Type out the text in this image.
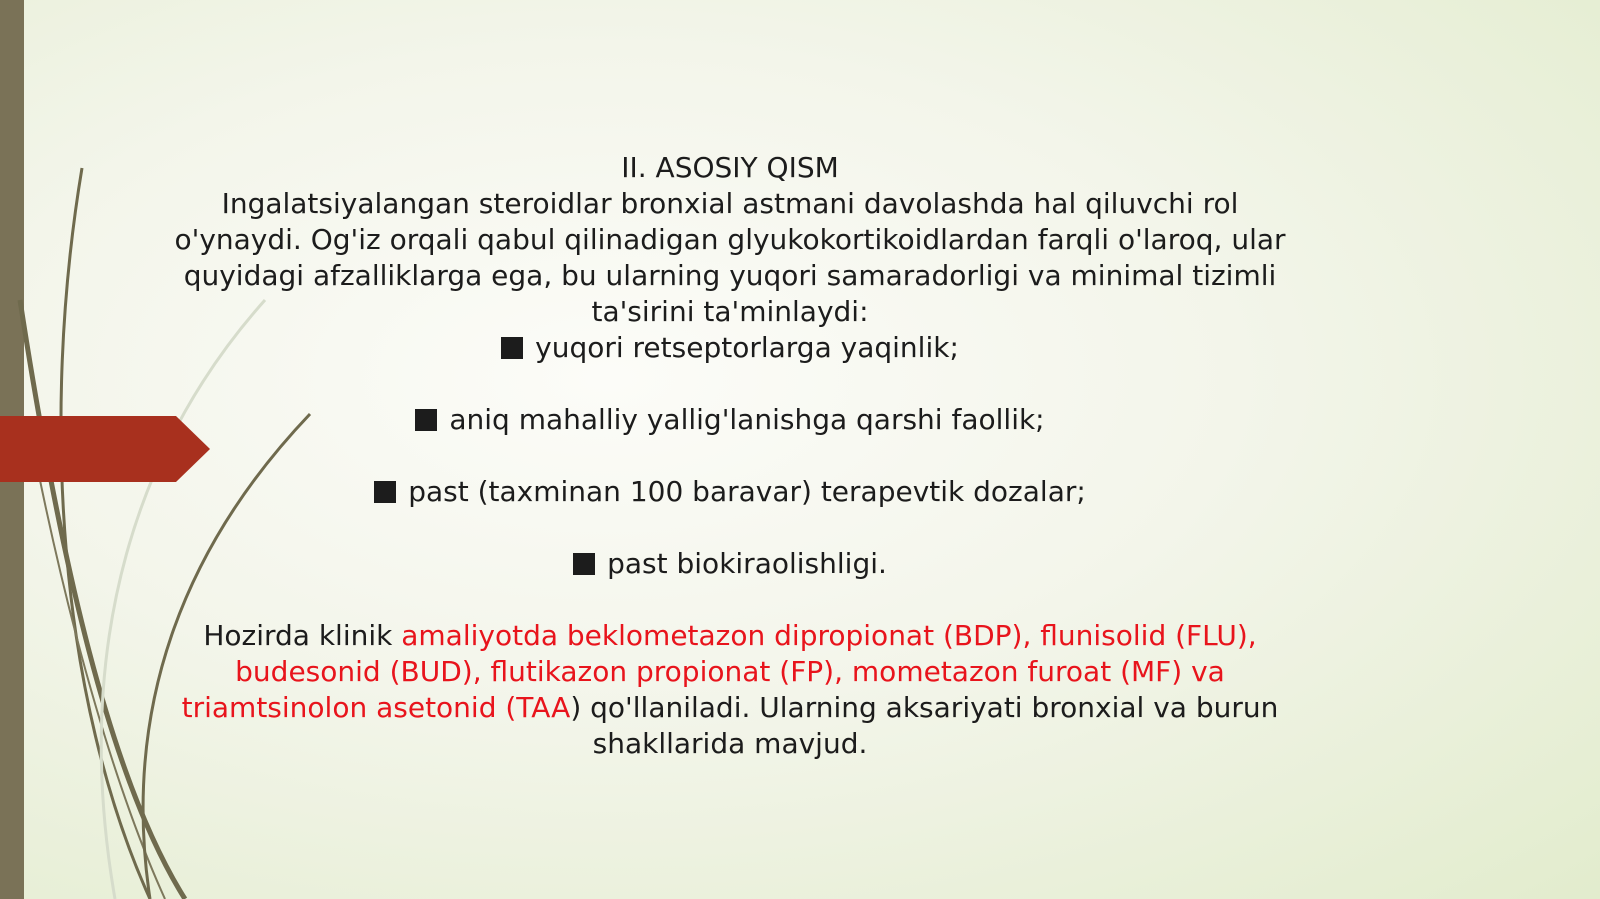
II. ASOSIY QISM

Ingalatsiyalangan steroidlar bronxial astmani davolashda hal qiluvchi rol o'ynaydi. Og'iz orqali qabul qilinadigan glyukokortikoidlardan farqli o'laroq, ular quyidagi afzalliklarga ega, bu ularning yuqori samaradorligi va minimal tizimli ta'sirini ta'minlaydi:

yuqori retseptorlarga yaqinlik;

aniq mahalliy yallig'lanishga qarshi faollik;

past (taxminan 100 baravar) terapevtik dozalar;

past biokiraolishligi.

Hozirda klinik amaliyotda beklometazon dipropionat (BDP), flunisolid (FLU), budesonid (BUD), flutikazon propionat (FP), mometazon furoat (MF) va triamtsinolon asetonid (TAA) qo'llaniladi. Ularning aksariyati bronxial va burun shakllarida mavjud.
